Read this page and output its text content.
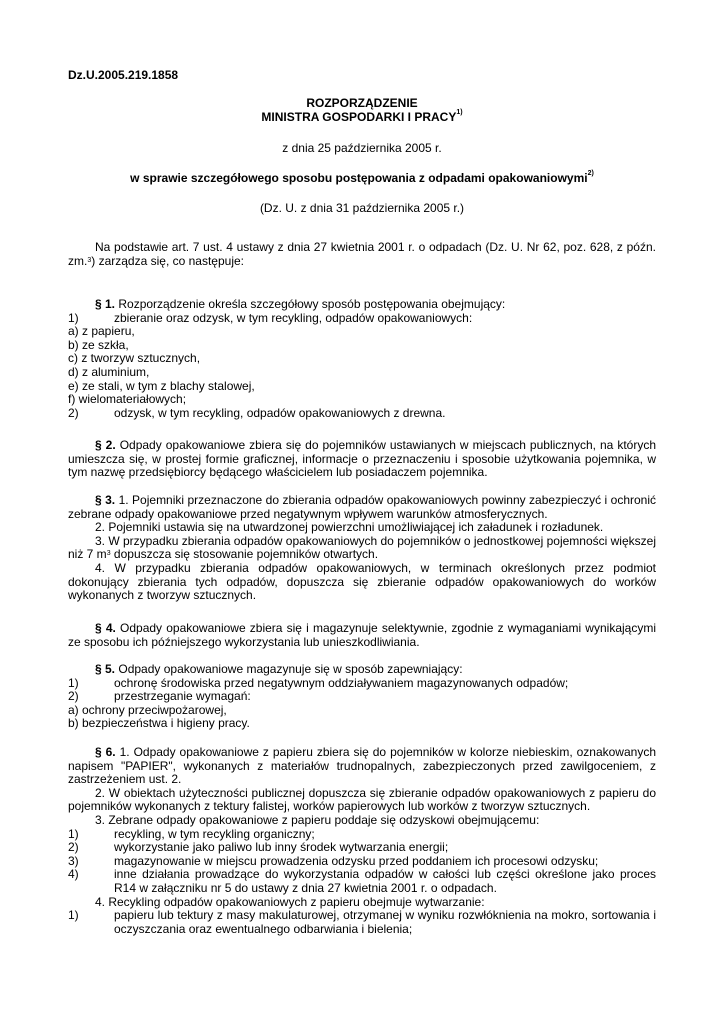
Dz.U.2005.219.1858
ROZPORZĄDZENIE
MINISTRA GOSPODARKI I PRACY$^{1)}$
z dnia 25 października 2005 r.
w sprawie szczegółowego sposobu postępowania z odpadami opakowaniowymi$^{2)}$
(Dz. U. z dnia 31 października 2005 r.)

Na podstawie art. 7 ust. 4 ustawy z dnia 27 kwietnia 2001 r. o odpadach (Dz. U. Nr 62, poz. 628, z późn. zm.$^3$) zarządza się, co następuje:

§ 1. Rozporządzenie określa szczegółowy sposób postępowania obejmujący:

1)	zbieranie oraz odzysk, w tym recykling, odpadów opakowaniowych:
a) z papieru,
b) ze szkła,
c) z tworzyw sztucznych,
d) z aluminium,
e) ze stali, w tym z blachy stalowej,
f) wielomateriałowych;
2)	odzysk, w tym recykling, odpadów opakowaniowych z drewna.

§ 2. Odpady opakowaniowe zbiera się do pojemników ustawianych w miejscach publicznych, na których umieszcza się, w prostej formie graficznej, informacje o przeznaczeniu i sposobie użytkowania pojemnika, w tym nazwę przedsiębiorcy będącego właścicielem lub posiadaczem pojemnika.

§ 3. 1. Pojemniki przeznaczone do zbierania odpadów opakowaniowych powinny zabezpieczyć i ochronić zebrane odpady opakowaniowe przed negatywnym wpływem warunków atmosferycznych.

2. Pojemniki ustawia się na utwardzonej powierzchni umożliwiającej ich załadunek i rozładunek.

3. W przypadku zbierania odpadów opakowaniowych do pojemników o jednostkowej pojemności większej niż 7 $m^3$ dopuszcza się stosowanie pojemników otwartych.

4. W przypadku zbierania odpadów opakowaniowych, w terminach określonych przez podmiot dokonujący zbierania tych odpadów, dopuszcza się zbieranie odpadów opakowaniowych do worków wykonanych z tworzyw sztucznych.

§ 4. Odpady opakowaniowe zbiera się i magazynuje selektywnie, zgodnie z wymaganiami wynikającymi ze sposobu ich późniejszego wykorzystania lub unieszkodliwiania.

§ 5. Odpady opakowaniowe magazynuje się w sposób zapewniający:

1)	ochronę środowiska przed negatywnym oddziaływaniem magazynowanych odpadów;
2)	przestrzeganie wymagań:
a) ochrony przeciwpożarowej,
b) bezpieczeństwa i higieny pracy.

§ 6. 1. Odpady opakowaniowe z papieru zbiera się do pojemników w kolorze niebieskim, oznakowanych napisem "PAPIER", wykonanych z materiałów trudnopalnych, zabezpieczonych przed zawilgoceniem, z zastrzeżeniem ust. 2.

2. W obiektach użyteczności publicznej dopuszcza się zbieranie odpadów opakowaniowych z papieru do pojemników wykonanych z tektury falistej, worków papierowych lub worków z tworzyw sztucznych.

3. Zebrane odpady opakowaniowe z papieru poddaje się odzyskowi obejmującemu:

1)	recykling, w tym recykling organiczny;
2)	wykorzystanie jako paliwo lub inny środek wytwarzania energii;
3)	magazynowanie w miejscu prowadzenia odzysku przed poddaniem ich procesowi odzysku;
4)	inne działania prowadzące do wykorzystania odpadów w całości lub części określone jako proces R14 w załączniku nr 5 do ustawy z dnia 27 kwietnia 2001 r. o odpadach.

4. Recykling odpadów opakowaniowych z papieru obejmuje wytwarzanie:

1)	papieru lub tektury z masy makulaturowej, otrzymanej w wyniku rozwłóknienia na mokro, sortowania i oczyszczania oraz ewentualnego odbarwiania i bielenia;
